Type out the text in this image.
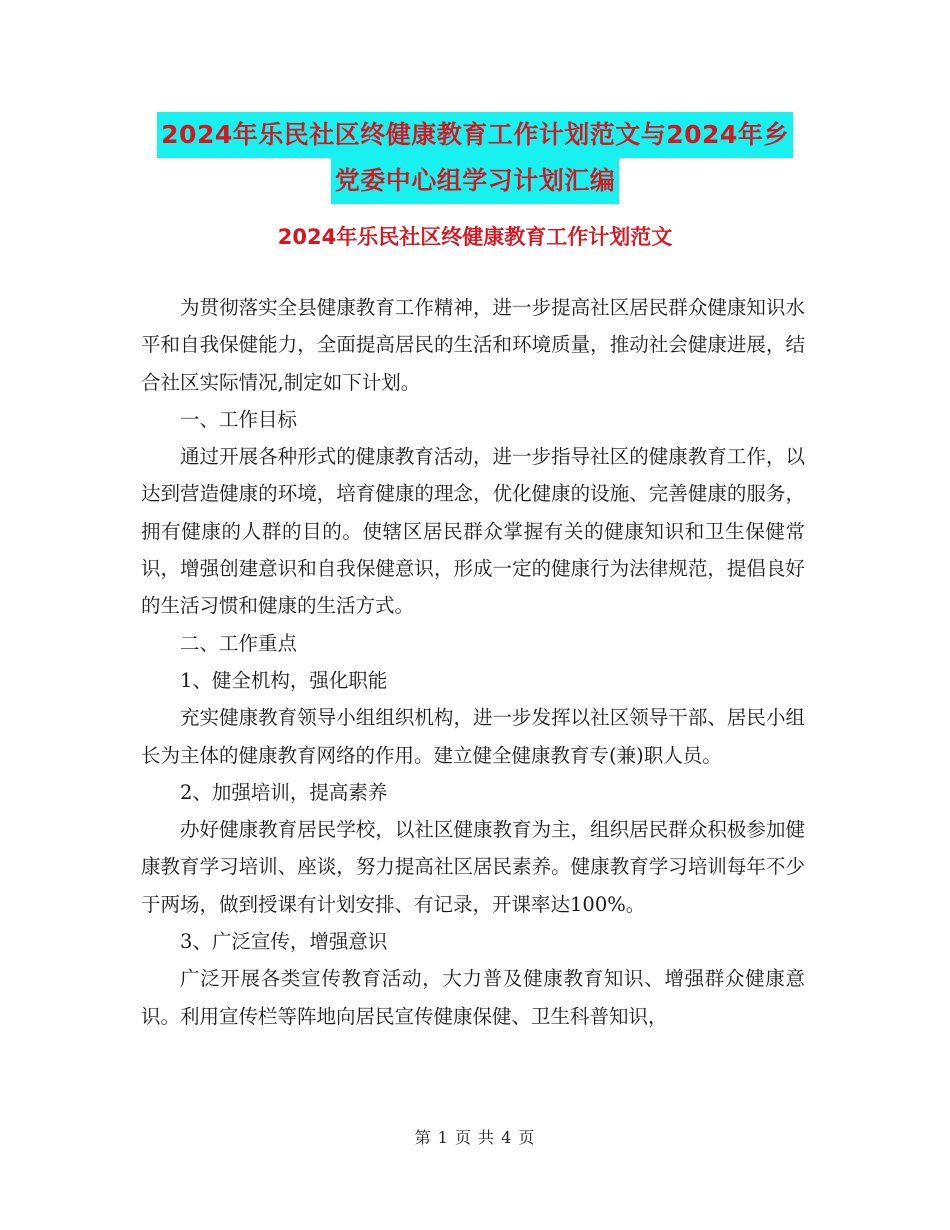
2024年乐民社区终健康教育工作计划范文与2024年乡
党委中心组学习计划汇编
2024年乐民社区终健康教育工作计划范文

为贯彻落实全县健康教育工作精神，进一步提高社区居民群众健康知识水平和自我保健能力，全面提高居民的生活和环境质量，推动社会健康进展，结合社区实际情况,制定如下计划。

一、工作目标

通过开展各种形式的健康教育活动，进一步指导社区的健康教育工作，以达到营造健康的环境，培育健康的理念，优化健康的设施、完善健康的服务，拥有健康的人群的目的。使辖区居民群众掌握有关的健康知识和卫生保健常识，增强创建意识和自我保健意识，形成一定的健康行为法律规范，提倡良好的生活习惯和健康的生活方式。

二、工作重点

1、健全机构，强化职能

充实健康教育领导小组组织机构，进一步发挥以社区领导干部、居民小组长为主体的健康教育网络的作用。建立健全健康教育专(兼)职人员。

2、加强培训，提高素养

办好健康教育居民学校，以社区健康教育为主，组织居民群众积极参加健康教育学习培训、座谈，努力提高社区居民素养。健康教育学习培训每年不少于两场，做到授课有计划安排、有记录，开课率达100%。

3、广泛宣传，增强意识

广泛开展各类宣传教育活动，大力普及健康教育知识、增强群众健康意识。利用宣传栏等阵地向居民宣传健康保健、卫生科普知识，

第 1 页 共 4 页
